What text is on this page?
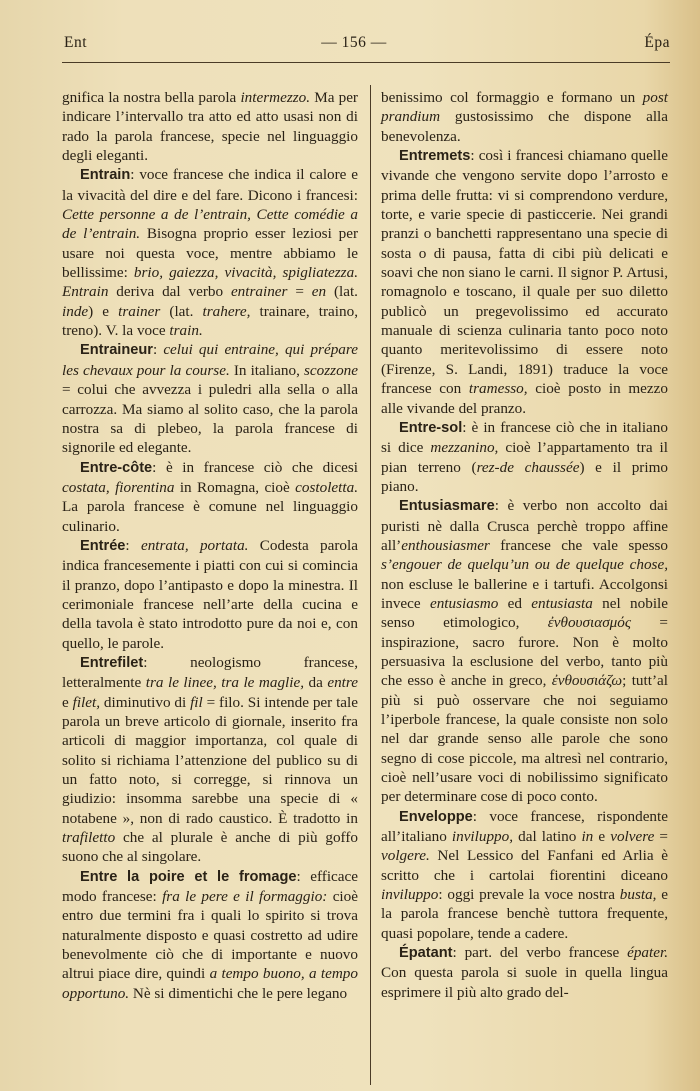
Ent	— 156 —	Épa

gnifica la nostra bella parola intermezzo. Ma per indicare l’intervallo tra atto ed atto usasi non di rado la parola francese, specie nel linguaggio degli eleganti.

Entrain: voce francese che indica il calore e la vivacità del dire e del fare. Dicono i francesi: Cette personne a de l’entrain, Cette comédie a de l’entrain. Bisogna proprio esser leziosi per usare noi questa voce, mentre abbiamo le bellissime: brio, gaiezza, vivacità, spigliatezza. Entrain deriva dal verbo entrainer = en (lat. inde) e trainer (lat. trahere, trainare, traino, treno). V. la voce train.

Entraineur: celui qui entraine, qui prépare les chevaux pour la course. In italiano, scozzone = colui che avvezza i puledri alla sella o alla carrozza. Ma siamo al solito caso, che la parola nostra sa di plebeo, la parola francese di signorile ed elegante.

Entre-côte: è in francese ciò che dicesi costata, fiorentina in Romagna, cioè costoletta. La parola francese è comune nel linguaggio culinario.

Entrée: entrata, portata. Codesta parola indica francesemente i piatti con cui si comincia il pranzo, dopo l’antipasto e dopo la minestra. Il cerimoniale francese nell’arte della cucina e della tavola è stato introdotto pure da noi e, con quello, le parole.

Entrefilet: neologismo francese, letteralmente tra le linee, tra le maglie, da entre e filet, diminutivo di fil = filo. Si intende per tale parola un breve articolo di giornale, inserito fra articoli di maggior importanza, col quale di solito si richiama l’attenzione del publico su di un fatto noto, si corregge, si rinnova un giudizio: insomma sarebbe una specie di « notabene », non di rado caustico. È tradotto in trafiletto che al plurale è anche di più goffo suono che al singolare.

Entre la poire et le fromage: efficace modo francese: fra le pere e il formaggio: cioè entro due termini fra i quali lo spirito si trova naturalmente disposto e quasi costretto ad udire benevolmente ciò che di importante e nuovo altrui piace dire, quindi a tempo buono, a tempo opportuno. Nè si dimentichi che le pere legano

benissimo col formaggio e formano un post prandium gustosissimo che dispone alla benevolenza.

Entremets: così i francesi chiamano quelle vivande che vengono servite dopo l’arrosto e prima delle frutta: vi si comprendono verdure, torte, e varie specie di pasticcerie. Nei grandi pranzi o banchetti rappresentano una specie di sosta o di pausa, fatta di cibi più delicati e soavi che non siano le carni. Il signor P. Artusi, romagnolo e toscano, il quale per suo diletto publicò un pregevolissimo ed accurato manuale di scienza culinaria tanto poco noto quanto meritevolissimo di essere noto (Firenze, S. Landi, 1891) traduce la voce francese con tramesso, cioè posto in mezzo alle vivande del pranzo.

Entre-sol: è in francese ciò che in italiano si dice mezzanino, cioè l’appartamento tra il pian terreno (rez-de chaussée) e il primo piano.

Entusiasmare: è verbo non accolto dai puristi nè dalla Crusca perchè troppo affine all’enthousiasmer francese che vale spesso s’engouer de quelqu’un ou de quelque chose, non escluse le ballerine e i tartufi. Accolgonsi invece entusiasmo ed entusiasta nel nobile senso etimologico, ἐνθουσιασμός = inspirazione, sacro furore. Non è molto persuasiva la esclusione del verbo, tanto più che esso è anche in greco, ἐνθουσιάζω; tutt’al più si può osservare che noi seguiamo l’iperbole francese, la quale consiste non solo nel dar grande senso alle parole che sono segno di cose piccole, ma altresì nel contrario, cioè nell’usare voci di nobilissimo significato per determinare cose di poco conto.

Enveloppe: voce francese, rispondente all’italiano inviluppo, dal latino in e volvere = volgere. Nel Lessico del Fanfani ed Arlia è scritto che i cartolai fiorentini diceano inviluppo: oggi prevale la voce nostra busta, e la parola francese benchè tuttora frequente, quasi popolare, tende a cadere.

Épatant: part. del verbo francese épater. Con questa parola si suole in quella lingua esprimere il più alto grado del-
